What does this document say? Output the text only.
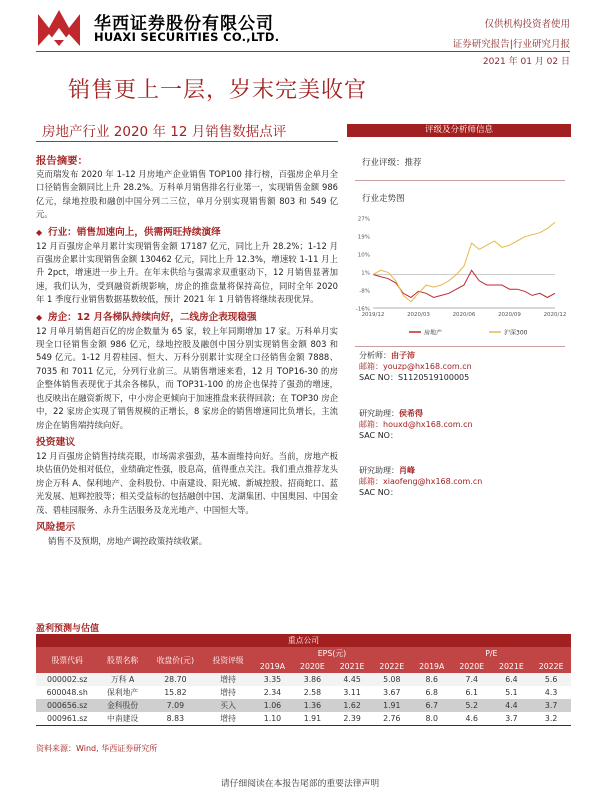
华西证券股份有限公司
HUAXI SECURITIES CO.,LTD.
仅供机构投资者使用
证券研究报告|行业研究月报
2021 年 01 月 02 日
销售更上一层，岁末完美收官
房地产行业 2020 年 12 月销售数据点评
报告摘要：
克而瑞发布 2020 年 1-12 月房地产企业销售 TOP100 排行榜，百强房企单月全口径销售金额同比上升 28.2%。万科单月销售排名行业第一，实现销售金额 986 亿元，绿地控股和融创中国分列二三位，单月分别实现销售额 803 和 549 亿元。
◆ 行业：销售加速向上，供需两旺持续演绎
12 月百强房企单月累计实现销售金额 17187 亿元，同比上升 28.2%；1-12 月百强房企累计实现销售金额 130462 亿元，同比上升 12.3%，增速较 1-11 月上升 2pct，增速进一步上升。在年末供给与强需求双重驱动下，12 月销售显著加速，我们认为，受到融资新规影响，房企的推盘量将保持高位，同时全年 2020 年 1 季度行业销售数据基数较低，预计 2021 年 1 月销售将继续表现优异。
◆ 房企：12 月各梯队持续向好，二线房企表现稳强
12 月单月销售超百亿的房企数量为 65 家，较上年同期增加 17 家。万科单月实现全口径销售金额 986 亿元，绿地控股及融创中国分别实现销售金额 803 和 549 亿元。1-12 月碧桂园、恒大、万科分别累计实现全口径销售金额 7888、7035 和 7011 亿元，分列行业前三。从销售增速来看，12 月 TOP16-30 的房企整体销售表现优于其余各梯队，而 TOP31-100 的房企也保持了强劲的增速，也反映出在融资新规下，中小房企更倾向于加速推盘来获得回款；在 TOP30 房企中，22 家房企实现了销售规模的正增长，8 家房企的销售增速同比负增长，主流房企在销售端持续向好。
投资建议
12 月百强房企销售持续亮眼，市场需求强劲，基本面维持向好。当前，房地产板块估值仍处相对低位，业绩确定性强，股息高，值得重点关注。我们重点推荐龙头房企万科 A、保利地产、金科股份、中南建设、阳光城、新城控股、招商蛇口、蓝光发展、旭辉控股等；相关受益标的包括融创中国、龙湖集团、中国奥园、中国金茂、碧桂园服务、永升生活服务及龙光地产、中国恒大等。
风险提示
销售不及预期，房地产调控政策持续收紧。
评级及分析师信息
行业评级：推荐
行业走势图
27%
19%
10%
1%
-8%
-16%
2019/12	2020/03	2020/06	2020/09	2020/12
房地产	沪深300
分析师：由子沛
邮箱：youzp@hx168.com.cn
SAC NO：S1120519100005
研究助理：侯希得
邮箱：houxd@hx168.com.cn
SAC NO：
研究助理：肖峰
邮箱：xiaofeng@hx168.com.cn
SAC NO：
盈利预测与估值
重点公司											
股票代码	股票名称	收盘价(元)	投资评级	EPS(元)				P/E			
				2019A	2020E	2021E	2022E	2019A	2020E	2021E	2022E
000002.sz	万科 A	28.70	增持	3.35	3.86	4.45	5.08	8.6	7.4	6.4	5.6
600048.sh	保利地产	15.82	增持	2.34	2.58	3.11	3.67	6.8	6.1	5.1	4.3
000656.sz	金科股份	7.09	买入	1.06	1.36	1.62	1.91	6.7	5.2	4.4	3.7
000961.sz	中南建设	8.83	增持	1.10	1.91	2.39	2.76	8.0	4.6	3.7	3.2
资料来源：Wind, 华西证券研究所
请仔细阅读在本报告尾部的重要法律声明
